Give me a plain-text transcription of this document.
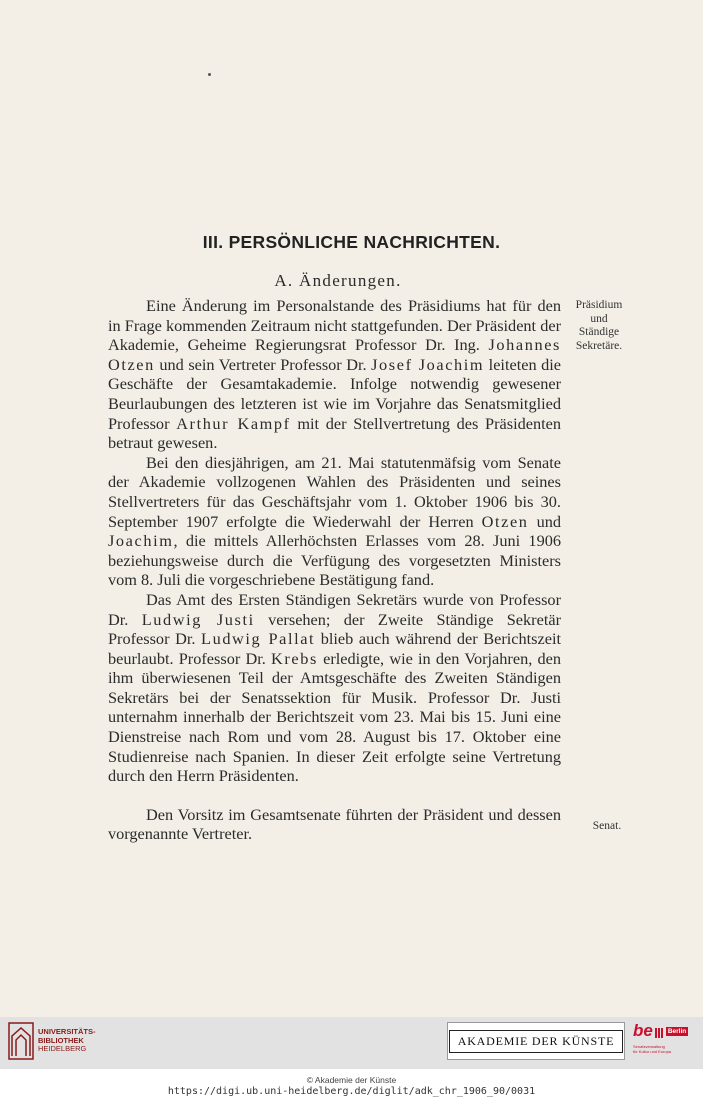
III. PERSÖNLICHE NACHRICHTEN.
A. Änderungen.

Eine Änderung im Personalstande des Präsidiums hat für den in Frage kommenden Zeitraum nicht stattgefunden. Der Präsident der Akademie, Geheime Regierungsrat Professor Dr. Ing. Johannes Otzen und sein Vertreter Professor Dr. Josef Joachim leiteten die Geschäfte der Gesamtakademie. Infolge notwendig gewesener Beurlaubungen des letzteren ist wie im Vorjahre das Senatsmitglied Professor Arthur Kampf mit der Stellvertretung des Präsidenten betraut gewesen.

Bei den diesjährigen, am 21. Mai statutenmäfsig vom Senate der Akademie vollzogenen Wahlen des Präsidenten und seines Stellvertreters für das Geschäftsjahr vom 1. Oktober 1906 bis 30. September 1907 erfolgte die Wiederwahl der Herren Otzen und Joachim, die mittels Allerhöchsten Erlasses vom 28. Juni 1906 beziehungsweise durch die Verfügung des vorgesetzten Ministers vom 8. Juli die vorgeschriebene Bestätigung fand.

Das Amt des Ersten Ständigen Sekretärs wurde von Professor Dr. Ludwig Justi versehen; der Zweite Ständige Sekretär Professor Dr. Ludwig Pallat blieb auch während der Berichtszeit beurlaubt. Professor Dr. Krebs erledigte, wie in den Vorjahren, den ihm überwiesenen Teil der Amtsgeschäfte des Zweiten Ständigen Sekretärs bei der Senatssektion für Musik. Professor Dr. Justi unternahm innerhalb der Berichtszeit vom 23. Mai bis 15. Juni eine Dienstreise nach Rom und vom 28. August bis 17. Oktober eine Studienreise nach Spanien. In dieser Zeit erfolgte seine Vertretung durch den Herrn Präsidenten.

Den Vorsitz im Gesamtsenate führten der Präsident und dessen vorgenannte Vertreter.

Präsidium
und
Ständige
Sekretäre.
Senat.
UNIVERSITÄTS-
BIBLIOTHEK
HEIDELBERG
AKADEMIE DER KÜNSTE
be	Berlin
Senatsverwaltung
für Kultur und Europa
© Akademie der Künste
https://digi.ub.uni-heidelberg.de/diglit/adk_chr_1906_90/0031
